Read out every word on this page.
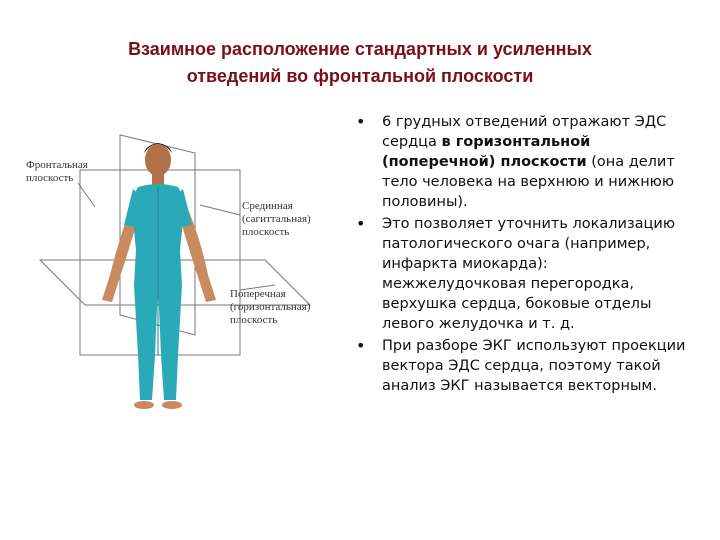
Взаимное расположение стандартных и усиленных
отведений во фронтальной плоскости
Фронтальная
плоскость
Срединная
(сагиттальная)
плоскость
Поперечная
(горизонтальная)
плоскость
• 6 грудных отведений отражают ЭДС сердца в горизонтальной (поперечной) плоскости (она делит тело человека на верхнюю и нижнюю половины).
• Это позволяет уточнить локализацию патологического очага (например, инфаркта миокарда): межжелудочковая перегородка, верхушка сердца, боковые отделы левого желудочка и т. д.
• При разборе ЭКГ используют проекции вектора ЭДС сердца, поэтому такой анализ ЭКГ называется векторным.
